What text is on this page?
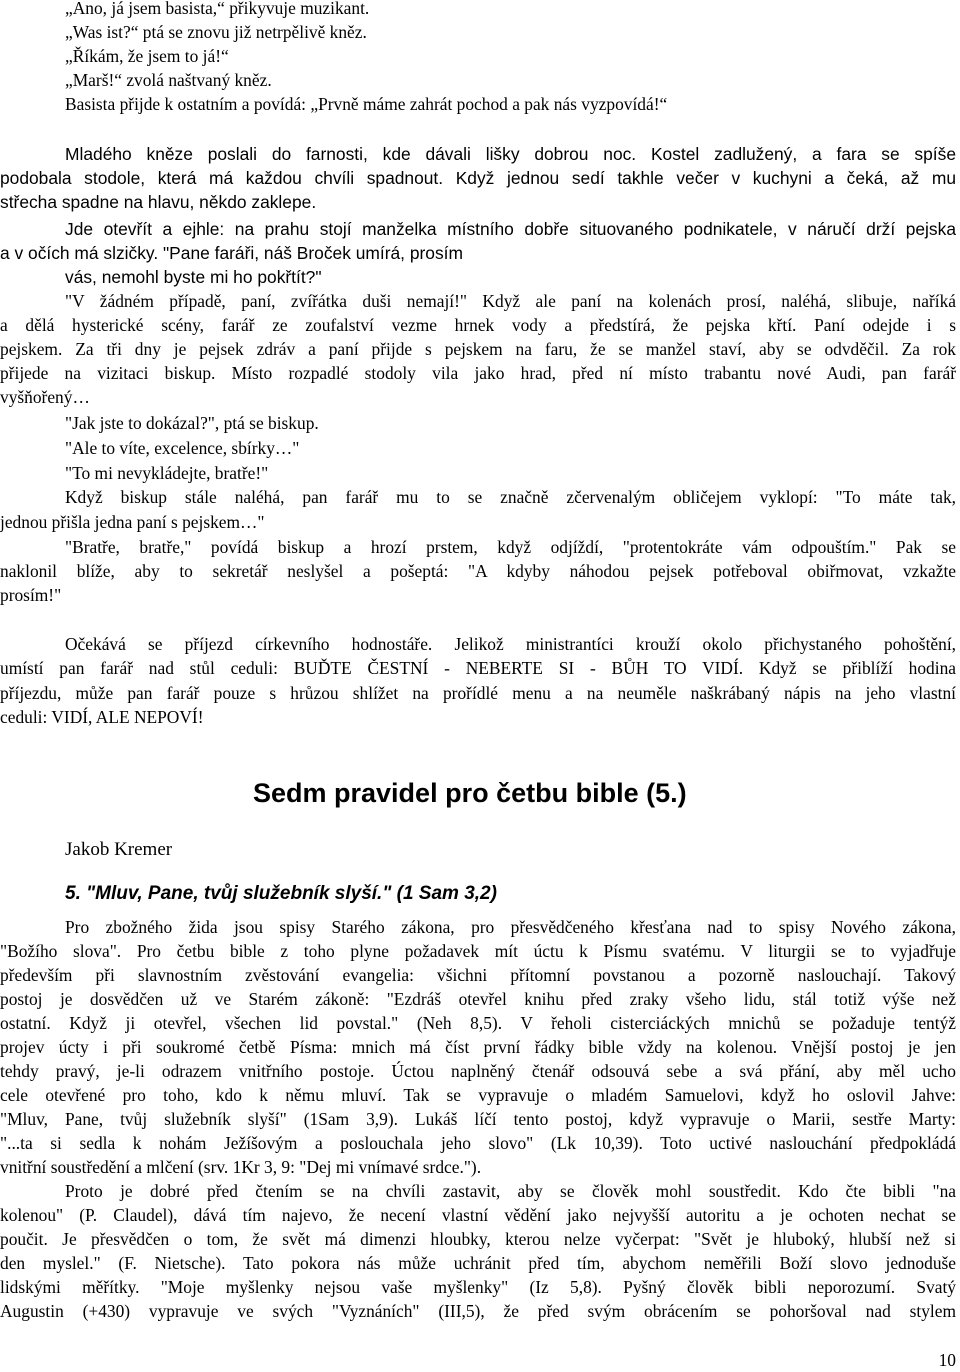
„Ano, já jsem basista,“ přikyvuje muzikant.

„Was ist?“ ptá se znovu již netrpělivě kněz.

„Říkám, že jsem to já!“

„Marš!“ zvolá naštvaný kněz.

Basista přijde k ostatním a povídá: „Prvně máme zahrát pochod a pak nás vyzpovídá!“

Mladého kněze poslali do farnosti, kde dávali lišky dobrou noc. Kostel zadlužený, a fara se spíše

podobala stodole, která má každou chvíli spadnout. Když jednou sedí takhle večer v kuchyni a čeká, až mu

střecha spadne na hlavu, někdo zaklepe.

Jde otevřít a ejhle: na prahu stojí manželka místního dobře situovaného podnikatele, v náručí drží pejska

a v očích má slzičky. "Pane faráři, náš Broček umírá, prosím

vás, nemohl byste mi ho pokřtít?"

"V žádném případě, paní, zvířátka duši nemají!" Když ale paní na kolenách prosí, naléhá, slibuje, naříká

a dělá hysterické scény, farář ze zoufalství vezme hrnek vody a předstírá, že pejska křtí. Paní odejde i s

pejskem. Za tři dny je pejsek zdráv a paní přijde s pejskem na faru, že se manžel staví, aby se odvděčil. Za rok

přijede na vizitaci biskup. Místo rozpadlé stodoly vila jako hrad, před ní místo trabantu nové Audi, pan farář

vyšňořený…

"Jak jste to dokázal?", ptá se biskup.

"Ale to víte, excelence, sbírky…"

"To mi nevykládejte, bratře!"

Když biskup stále naléhá, pan farář mu to se značně zčervenalým obličejem vyklopí: "To máte tak,

jednou přišla jedna paní s pejskem…"

"Bratře, bratře," povídá biskup a hrozí prstem, když odjíždí, "protentokráte vám odpouštím." Pak se

naklonil blíže, aby to sekretář neslyšel a pošeptá: "A kdyby náhodou pejsek potřeboval obiřmovat, vzkažte

prosím!"

Očekává se příjezd církevního hodnostáře. Jelikož ministrantíci krouží okolo přichystaného pohoštění,

umístí pan farář nad stůl ceduli: BUĎTE ČESTNÍ - NEBERTE SI - BŮH TO VIDÍ. Když se přiblíží hodina

příjezdu, může pan farář pouze s hrůzou shlížet na prořídlé menu a na neuměle naškrábaný nápis na jeho vlastní

ceduli: VIDÍ, ALE NEPOVÍ!

Sedm pravidel pro četbu bible (5.)

Jakob Kremer

5. "Mluv, Pane, tvůj služebník slyší." (1 Sam 3,2)

Pro zbožného žida jsou spisy Starého zákona, pro přesvědčeného křesťana nad to spisy Nového zákona,

"Božího slova". Pro četbu bible z toho plyne požadavek mít úctu k Písmu svatému. V liturgii se to vyjadřuje

především při slavnostním zvěstování evangelia: všichni přítomní povstanou a pozorně naslouchají. Takový

postoj je dosvědčen už ve Starém zákoně: "Ezdráš otevřel knihu před zraky všeho lidu, stál totiž výše než

ostatní. Když ji otevřel, všechen lid povstal." (Neh 8,5). V řeholi cisterciáckých mnichů se požaduje tentýž

projev úcty i při soukromé četbě Písma: mnich má číst první řádky bible vždy na kolenou. Vnější postoj je jen

tehdy pravý, je-li odrazem vnitřního postoje. Úctou naplněný čtenář odsouvá sebe a svá přání, aby měl ucho

cele otevřené pro toho, kdo k němu mluví. Tak se vypravuje o mladém Samuelovi, když ho oslovil Jahve:

"Mluv, Pane, tvůj služebník slyší" (1Sam 3,9). Lukáš líčí tento postoj, když vypravuje o Marii, sestře Marty:

"...ta si sedla k nohám Ježíšovým a poslouchala jeho slovo" (Lk 10,39). Toto uctivé naslouchání předpokládá

vnitřní soustředění a mlčení (srv. 1Kr 3, 9: "Dej mi vnímavé srdce.").

Proto je dobré před čtením se na chvíli zastavit, aby se člověk mohl soustředit. Kdo čte bibli "na

kolenou" (P. Claudel), dává tím najevo, že necení vlastní vědění jako nejvyšší autoritu a je ochoten nechat se

poučit. Je přesvědčen o tom, že svět má dimenzi hloubky, kterou nelze vyčerpat: "Svět je hluboký, hlubší než si

den myslel." (F. Nietsche). Tato pokora nás může uchránit před tím, abychom neměřili Boží slovo jednoduše

lidskými měřítky. "Moje myšlenky nejsou vaše myšlenky" (Iz 5,8). Pyšný člověk bibli neporozumí. Svatý

Augustin (+430) vypravuje ve svých "Vyznáních" (III,5), že před svým obrácením se pohoršoval nad stylem

10
